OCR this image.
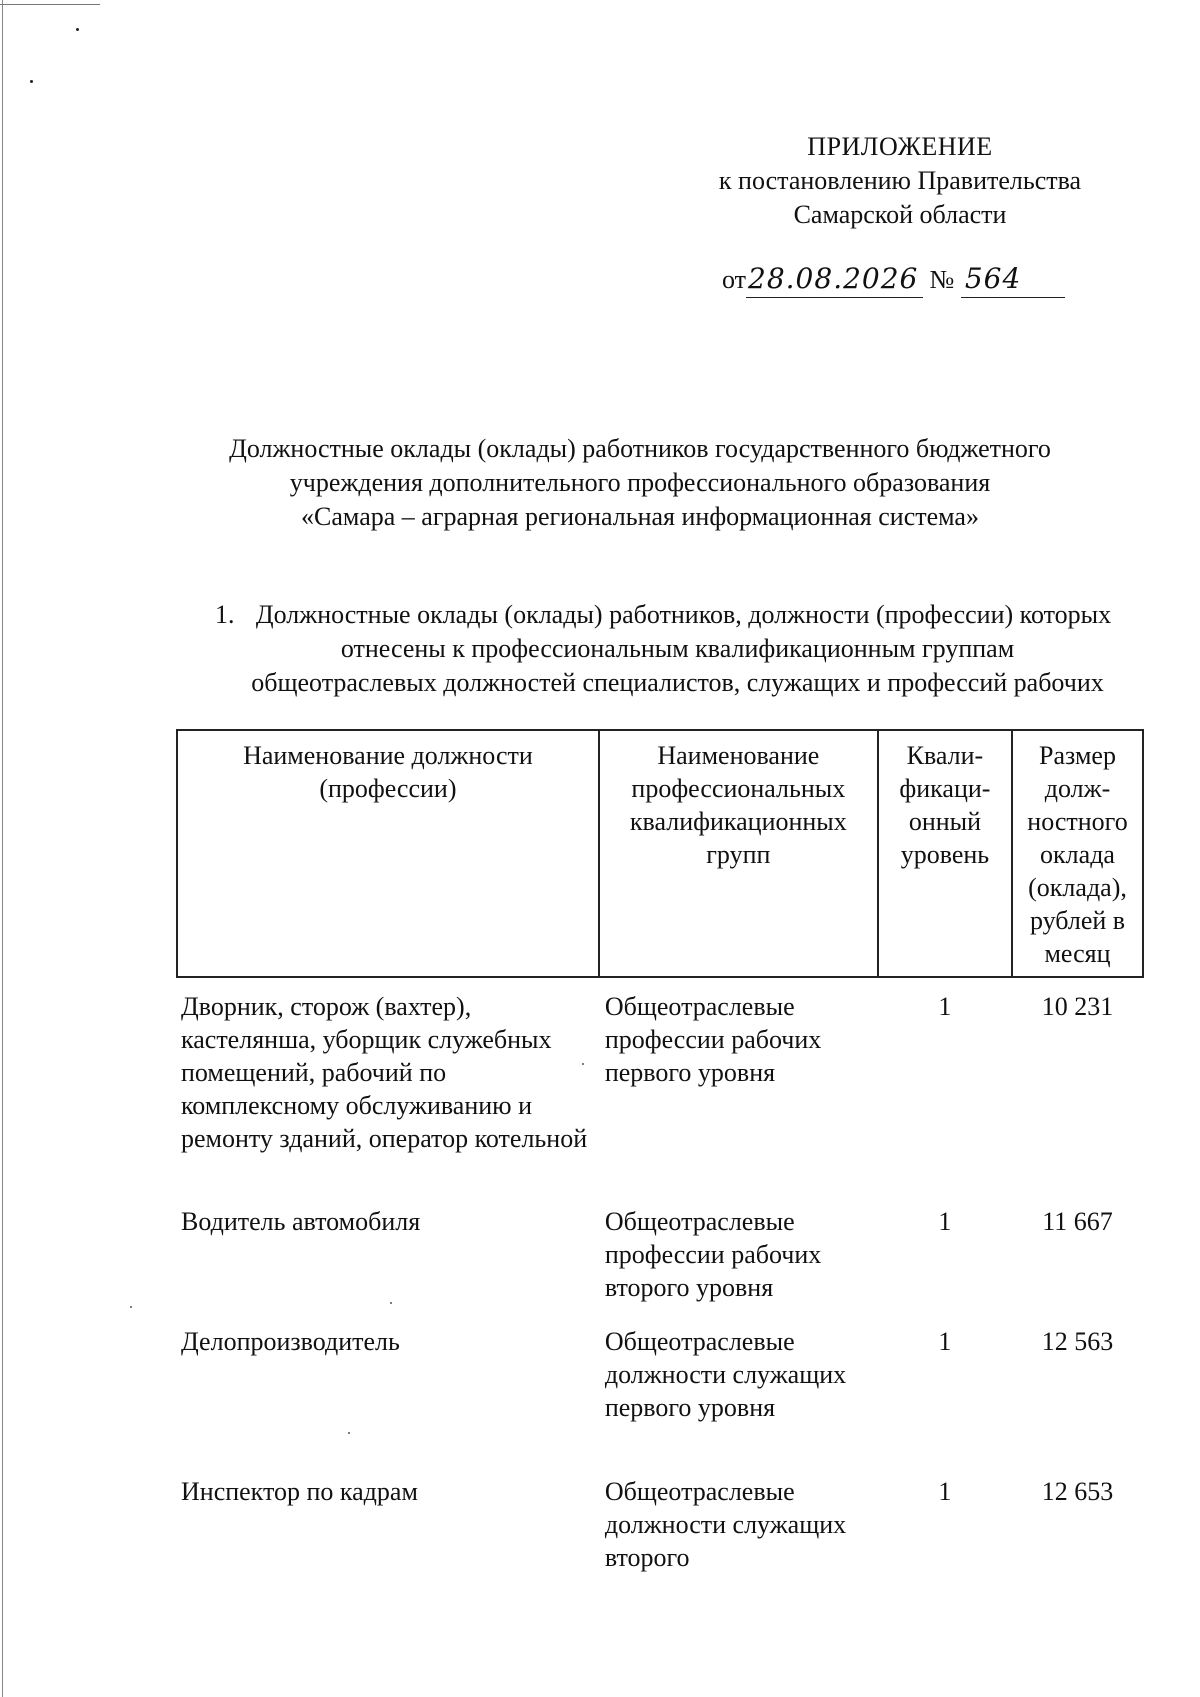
ПРИЛОЖЕНИЕ
к постановлению Правительства
Самарской области
от28.08.2026 № 564
Должностные оклады (оклады) работников государственного бюджетного
учреждения дополнительного профессионального образования
«Самара – аграрная региональная информационная система»
1. Должностные оклады (оклады) работников, должности (профессии) которых
отнесены к профессиональным квалификационным группам
общеотраслевых должностей специалистов, служащих и профессий рабочих
Наименование должности (профессии)	Наименование профессиональных квалификационных групп	Квали-фикаци-онный уровень	Размер долж-ностного оклада (оклада), рублей в месяц
Дворник, сторож (вахтер), кастелянша, уборщик служебных помещений, рабочий по комплексному обслуживанию и ремонту зданий, оператор котельной	Общеотраслевые профессии рабочих первого уровня	1	10 231
Водитель автомобиля	Общеотраслевые профессии рабочих второго уровня	1	11 667
Делопроизводитель	Общеотраслевые должности служащих первого уровня	1	12 563
Инспектор по кадрам	Общеотраслевые должности служащих второго	1	12 653
